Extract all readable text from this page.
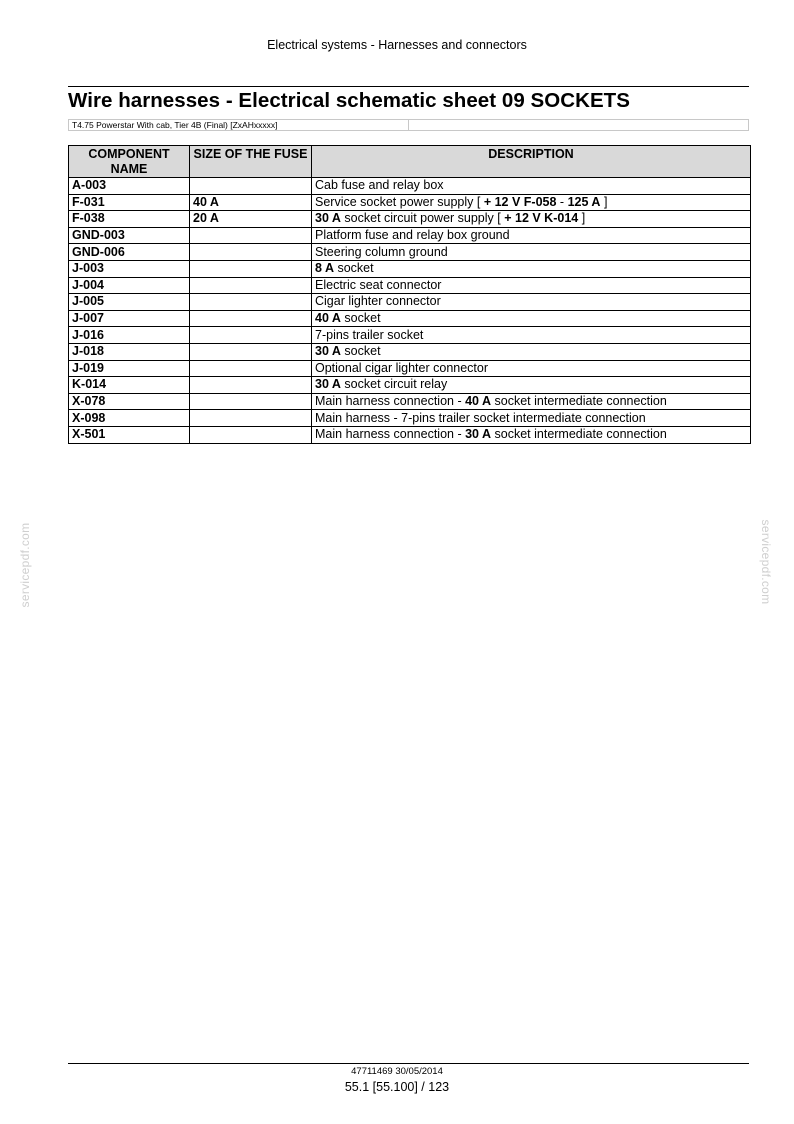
Electrical systems - Harnesses and connectors
Wire harnesses - Electrical schematic sheet 09 SOCKETS
T4.75 Powerstar With cab, Tier 4B (Final) [ZxAHxxxxx]
COMPONENT NAME	SIZE OF THE FUSE	DESCRIPTION
A-003		Cab fuse and relay box
F-031	40 A	Service socket power supply [ + 12 V F-058 - 125 A ]
F-038	20 A	30 A socket circuit power supply [ + 12 V K-014 ]
GND-003		Platform fuse and relay box ground
GND-006		Steering column ground
J-003		8 A socket
J-004		Electric seat connector
J-005		Cigar lighter connector
J-007		40 A socket
J-016		7-pins trailer socket
J-018		30 A socket
J-019		Optional cigar lighter connector
K-014		30 A socket circuit relay
X-078		Main harness connection - 40 A socket intermediate connection
X-098		Main harness - 7-pins trailer socket intermediate connection
X-501		Main harness connection - 30 A socket intermediate connection
47711469 30/05/2014
55.1 [55.100] / 123
servicepdf.com	servicepdf.com
